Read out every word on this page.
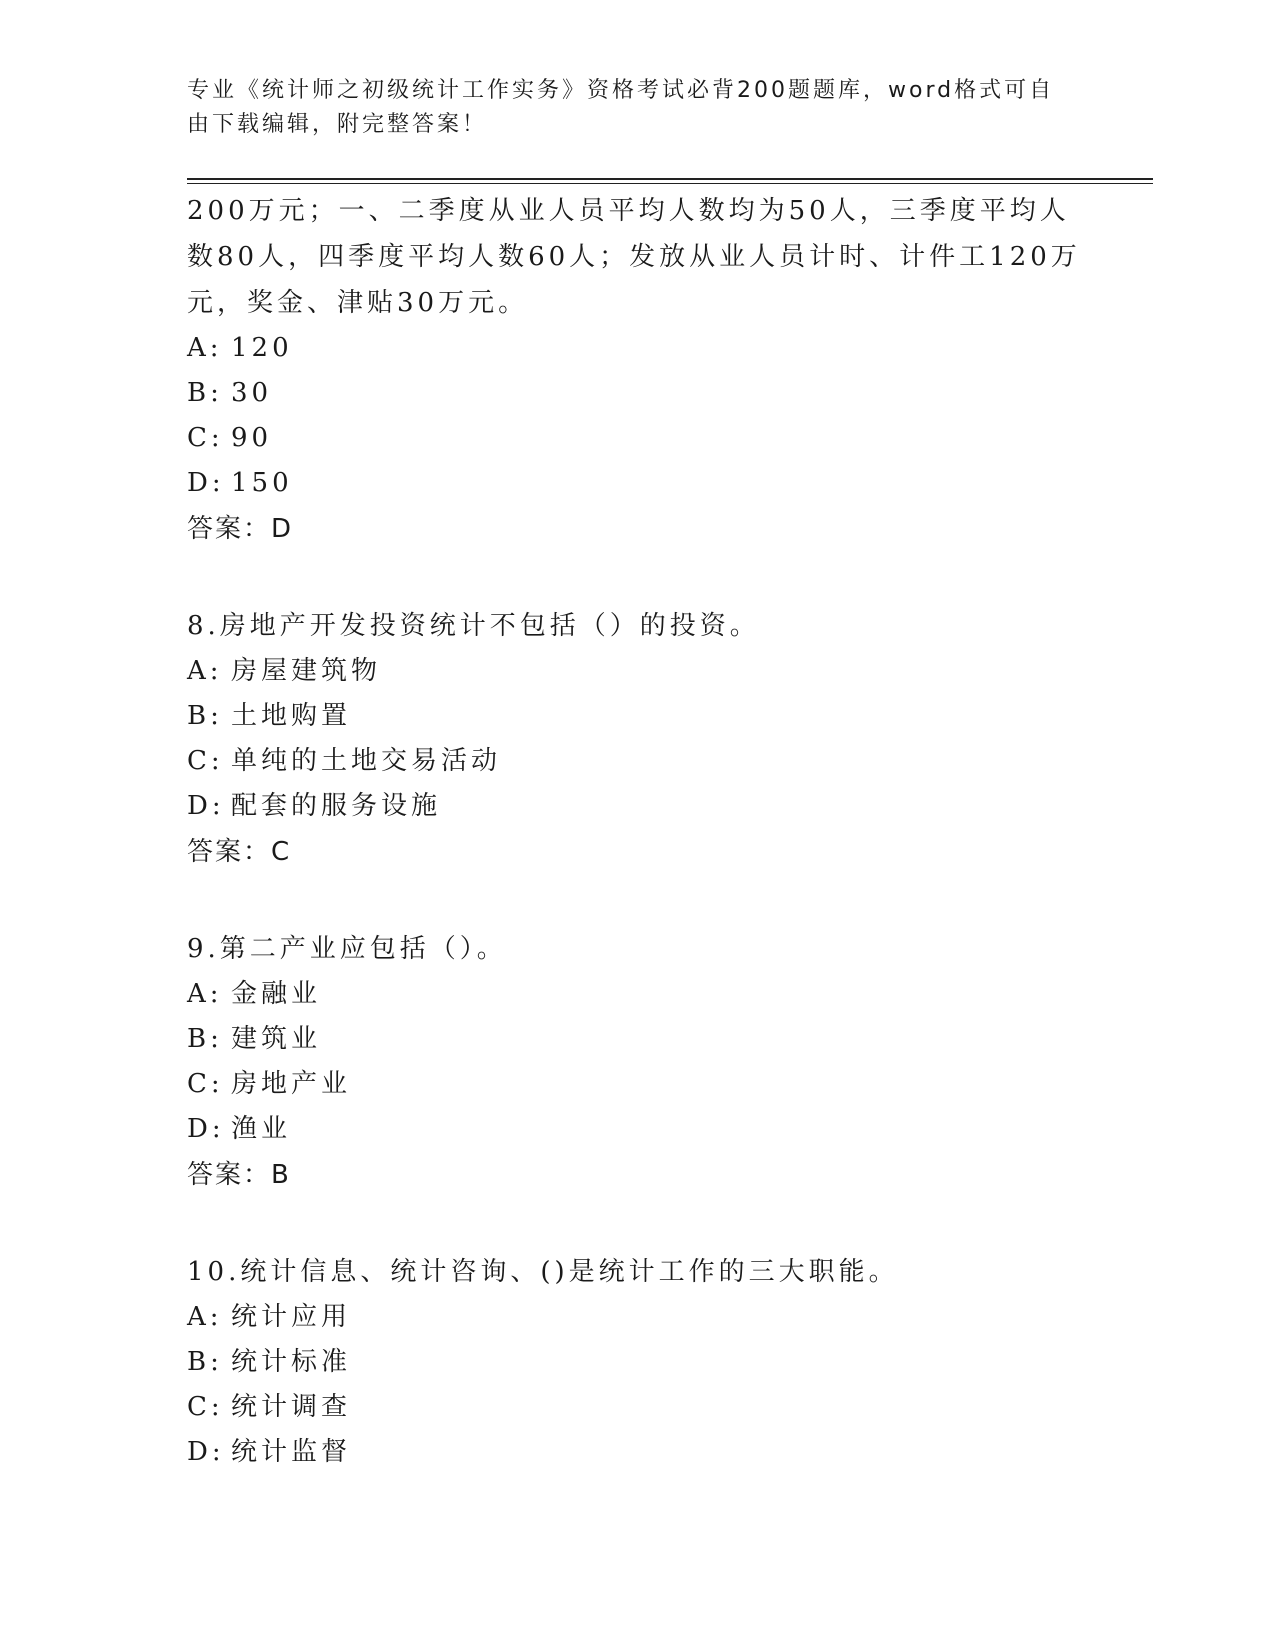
专业《统计师之初级统计工作实务》资格考试必背200题题库，word格式可自由下载编辑，附完整答案！
200万元；一、二季度从业人员平均人数均为50人，三季度平均人数80人，四季度平均人数60人；发放从业人员计时、计件工120万元，奖金、津贴30万元。
A: 120
B: 30
C: 90
D: 150
答案：D
8.房地产开发投资统计不包括（）的投资。
A: 房屋建筑物
B: 土地购置
C: 单纯的土地交易活动
D: 配套的服务设施
答案：C
9.第二产业应包括（）。
A: 金融业
B: 建筑业
C: 房地产业
D: 渔业
答案：B
10.统计信息、统计咨询、()是统计工作的三大职能。
A: 统计应用
B: 统计标准
C: 统计调查
D: 统计监督
